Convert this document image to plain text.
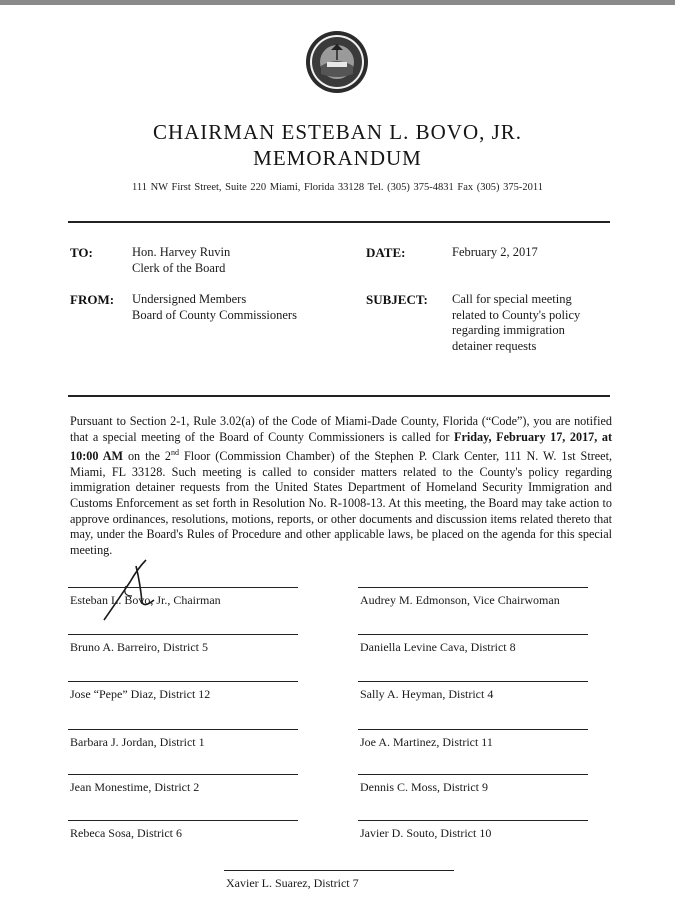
CHAIRMAN ESTEBAN L. BOVO, JR.
MEMORANDUM
111 NW First Street, Suite 220 Miami, Florida 33128 Tel. (305) 375-4831 Fax (305) 375-2011
TO:	Hon. Harvey Ruvin
Clerk of the Board
DATE:	February 2, 2017
FROM: Undersigned Members
Board of County Commissioners
SUBJECT: Call for special meeting
related to County's policy
regarding immigration
detainer requests
Pursuant to Section 2-1, Rule 3.02(a) of the Code of Miami-Dade County, Florida (“Code”), you are notified that a special meeting of the Board of County Commissioners is called for Friday, February 17, 2017, at 10:00 AM on the 2nd Floor (Commission Chamber) of the Stephen P. Clark Center, 111 N. W. 1st Street, Miami, FL 33128. Such meeting is called to consider matters related to the County's policy regarding immigration detainer requests from the United States Department of Homeland Security Immigration and Customs Enforcement as set forth in Resolution No. R-1008-13. At this meeting, the Board may take action to approve ordinances, resolutions, motions, reports, or other documents and discussion items related thereto that may, under the Board's Rules of Procedure and other applicable laws, be placed on the agenda for this special meeting.
Esteban L. Bovo, Jr., Chairman	Audrey M. Edmonson, Vice Chairwoman
Bruno A. Barreiro, District 5	Daniella Levine Cava, District 8
Jose “Pepe” Diaz, District 12	Sally A. Heyman, District 4
Barbara J. Jordan, District 1	Joe A. Martinez, District 11
Jean Monestime, District 2	Dennis C. Moss, District 9
Rebeca Sosa, District 6	Javier D. Souto, District 10
Xavier L. Suarez, District 7
